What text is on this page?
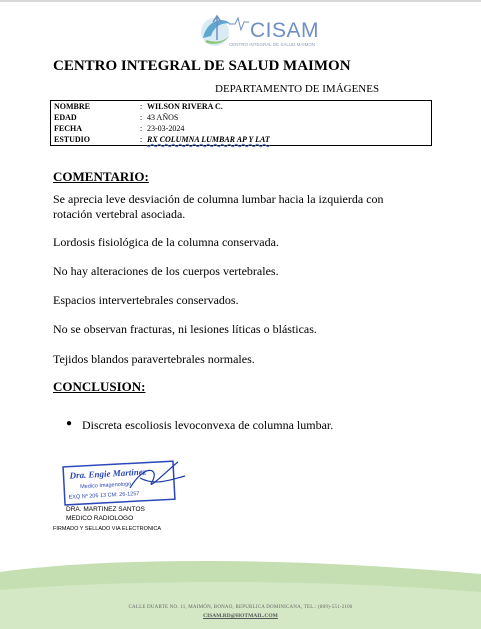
CISAM
CENTRO INTEGRAL DE SALUD MAIMON
CENTRO INTEGRAL DE SALUD MAIMON
DEPARTAMENTO DE IMÁGENES
NOMBRE	: WILSON RIVERA C.
EDAD	: 43 AÑOS
FECHA	: 23-03-2024
ESTUDIO	: RX COLUMNA LUMBAR AP Y LAT
COMENTARIO:
Se aprecia leve desviación de columna lumbar hacia la izquierda con rotación vertebral asociada.
Lordosis fisiológica de la columna conservada.
No hay alteraciones de los cuerpos vertebrales.
Espacios intervertebrales conservados.
No se observan fracturas, ni lesiones líticas o blásticas.
Tejidos blandos paravertebrales normales.
CONCLUSION:
● Discreta escoliosis levoconvexa de columna lumbar.
Dra. Engie Martinez
Medico Imagenologo
EXQ Nº 206 13 CM: 26-1257
DRA. MARTINEZ SANTOS
MEDICO RADIOLOGO
FIRMADO Y SELLADO VIA ELECTRONICA
CALLE DUARTE NO. 11, MAIMÓN, BONAO, REPUBLICA DOMINICANA, TEL.: (809)-551-2106
CISAM.RD@HOTMAIL.COM
